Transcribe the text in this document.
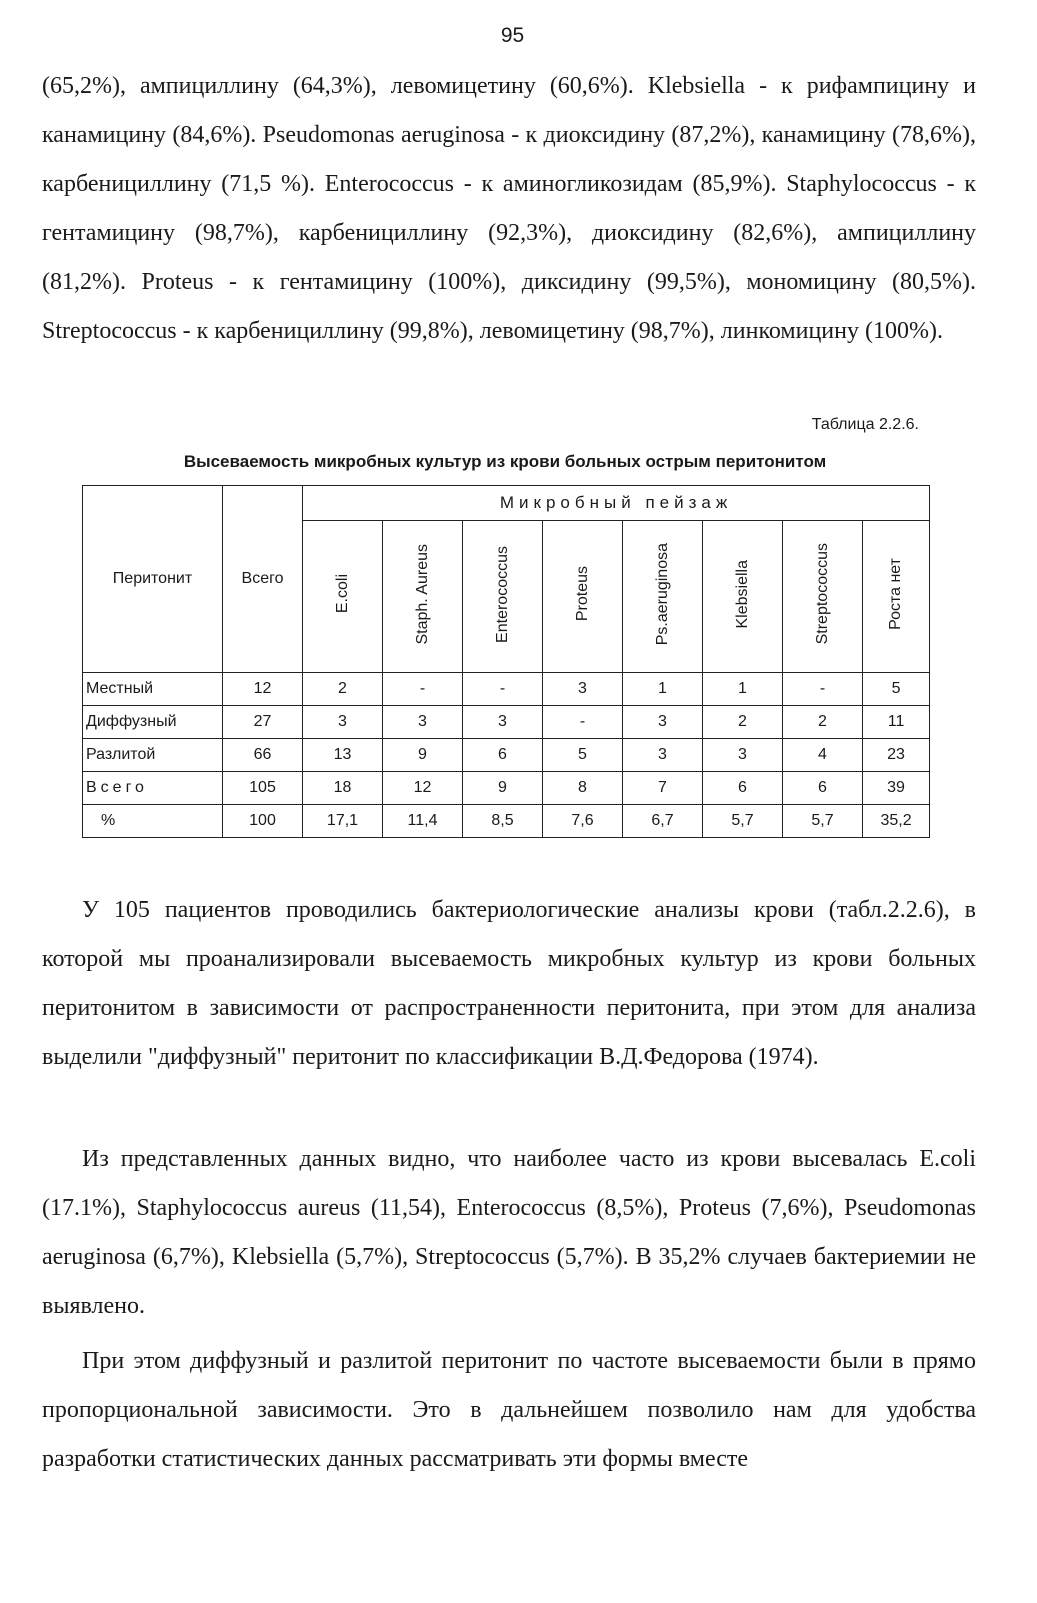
95

(65,2%), ампициллину (64,3%), левомицетину (60,6%). Klebsiella - к рифампицину и канамицину (84,6%). Pseudomonas aeruginosa - к диоксидину (87,2%), канамицину (78,6%), карбенициллину (71,5 %). Enterococcus - к аминогликозидам (85,9%). Staphylococcus - к гентамицину (98,7%), карбенициллину (92,3%), диоксидину (82,6%), ампициллину (81,2%). Proteus - к гентамицину (100%), диксидину (99,5%), мономицину (80,5%). Streptococcus - к карбенициллину (99,8%), левомицетину (98,7%), линкомицину (100%).

Таблица 2.2.6.
Высеваемость микробных культур из крови больных острым перитонитом
Перитонит	Всего	Микробный пейзаж							
		E.coli	Staph. Aureus	Enterococcus	Proteus	Ps.aeruginosa	Klebsiella	Streptococcus	Роста нет
Местный	12	2	-	-	3	1	1	-	5
Диффузный	27	3	3	3	-	3	2	2	11
Разлитой	66	13	9	6	5	3	3	4	23
Всего	105	18	12	9	8	7	6	6	39
%	100	17,1	11,4	8,5	7,6	6,7	5,7	5,7	35,2

У 105 пациентов проводились бактериологические анализы крови (табл.2.2.6), в которой мы проанализировали высеваемость микробных культур из крови больных перитонитом в зависимости от распространенности перитонита, при этом для анализа выделили "диффузный" перитонит по классификации В.Д.Федорова (1974).

Из представленных данных видно, что наиболее часто из крови высевалась E.coli (17.1%), Staphylococcus aureus (11,54), Enterococcus (8,5%), Proteus (7,6%), Pseudomonas aeruginosa (6,7%), Klebsiella (5,7%), Streptococcus (5,7%). В 35,2% случаев бактериемии не выявлено.

При этом диффузный и разлитой перитонит по частоте высеваемости были в прямо пропорциональной зависимости. Это в дальнейшем позволило нам для удобства разработки статистических данных рассматривать эти формы вместе
